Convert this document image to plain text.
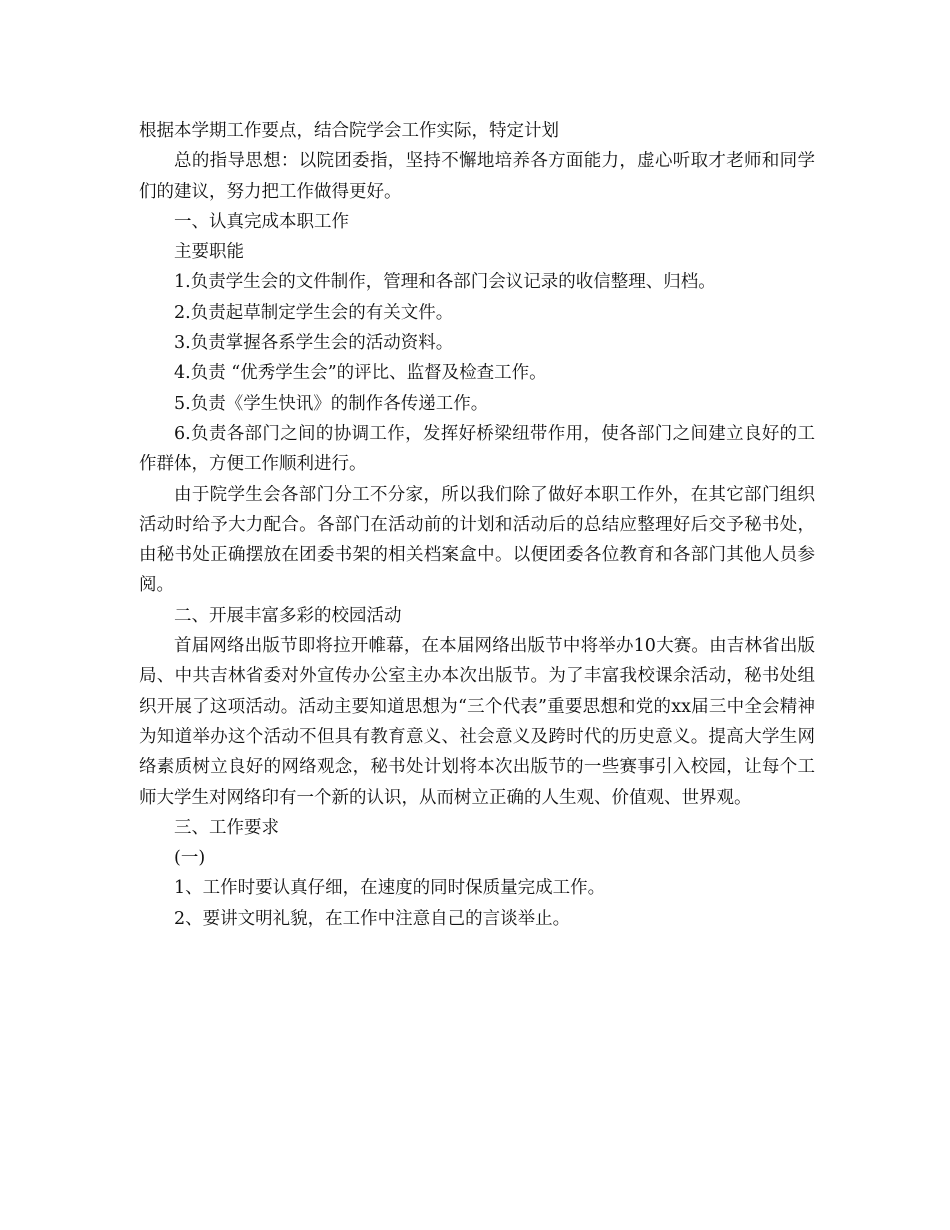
根据本学期工作要点，结合院学会工作实际，特定计划

总的指导思想：以院团委指，坚持不懈地培养各方面能力，虚心听取才老师和同学们的建议，努力把工作做得更好。

一、认真完成本职工作

主要职能

1.负责学生会的文件制作，管理和各部门会议记录的收信整理、归档。

2.负责起草制定学生会的有关文件。

3.负责掌握各系学生会的活动资料。

4.负责 “优秀学生会”的评比、监督及检查工作。

5.负责《学生快讯》的制作各传递工作。

6.负责各部门之间的协调工作，发挥好桥梁纽带作用，使各部门之间建立良好的工作群体，方便工作顺利进行。

由于院学生会各部门分工不分家，所以我们除了做好本职工作外，在其它部门组织活动时给予大力配合。各部门在活动前的计划和活动后的总结应整理好后交予秘书处，由秘书处正确摆放在团委书架的相关档案盒中。以便团委各位教育和各部门其他人员参阅。

二、开展丰富多彩的校园活动

首届网络出版节即将拉开帷幕，在本届网络出版节中将举办10大赛。由吉林省出版局、中共吉林省委对外宣传办公室主办本次出版节。为了丰富我校课余活动，秘书处组织开展了这项活动。活动主要知道思想为“三个代表”重要思想和党的xx届三中全会精神为知道举办这个活动不但具有教育意义、社会意义及跨时代的历史意义。提高大学生网络素质树立良好的网络观念，秘书处计划将本次出版节的一些赛事引入校园，让每个工师大学生对网络印有一个新的认识，从而树立正确的人生观、价值观、世界观。

三、工作要求

(一)

1、工作时要认真仔细，在速度的同时保质量完成工作。

2、要讲文明礼貌，在工作中注意自己的言谈举止。
